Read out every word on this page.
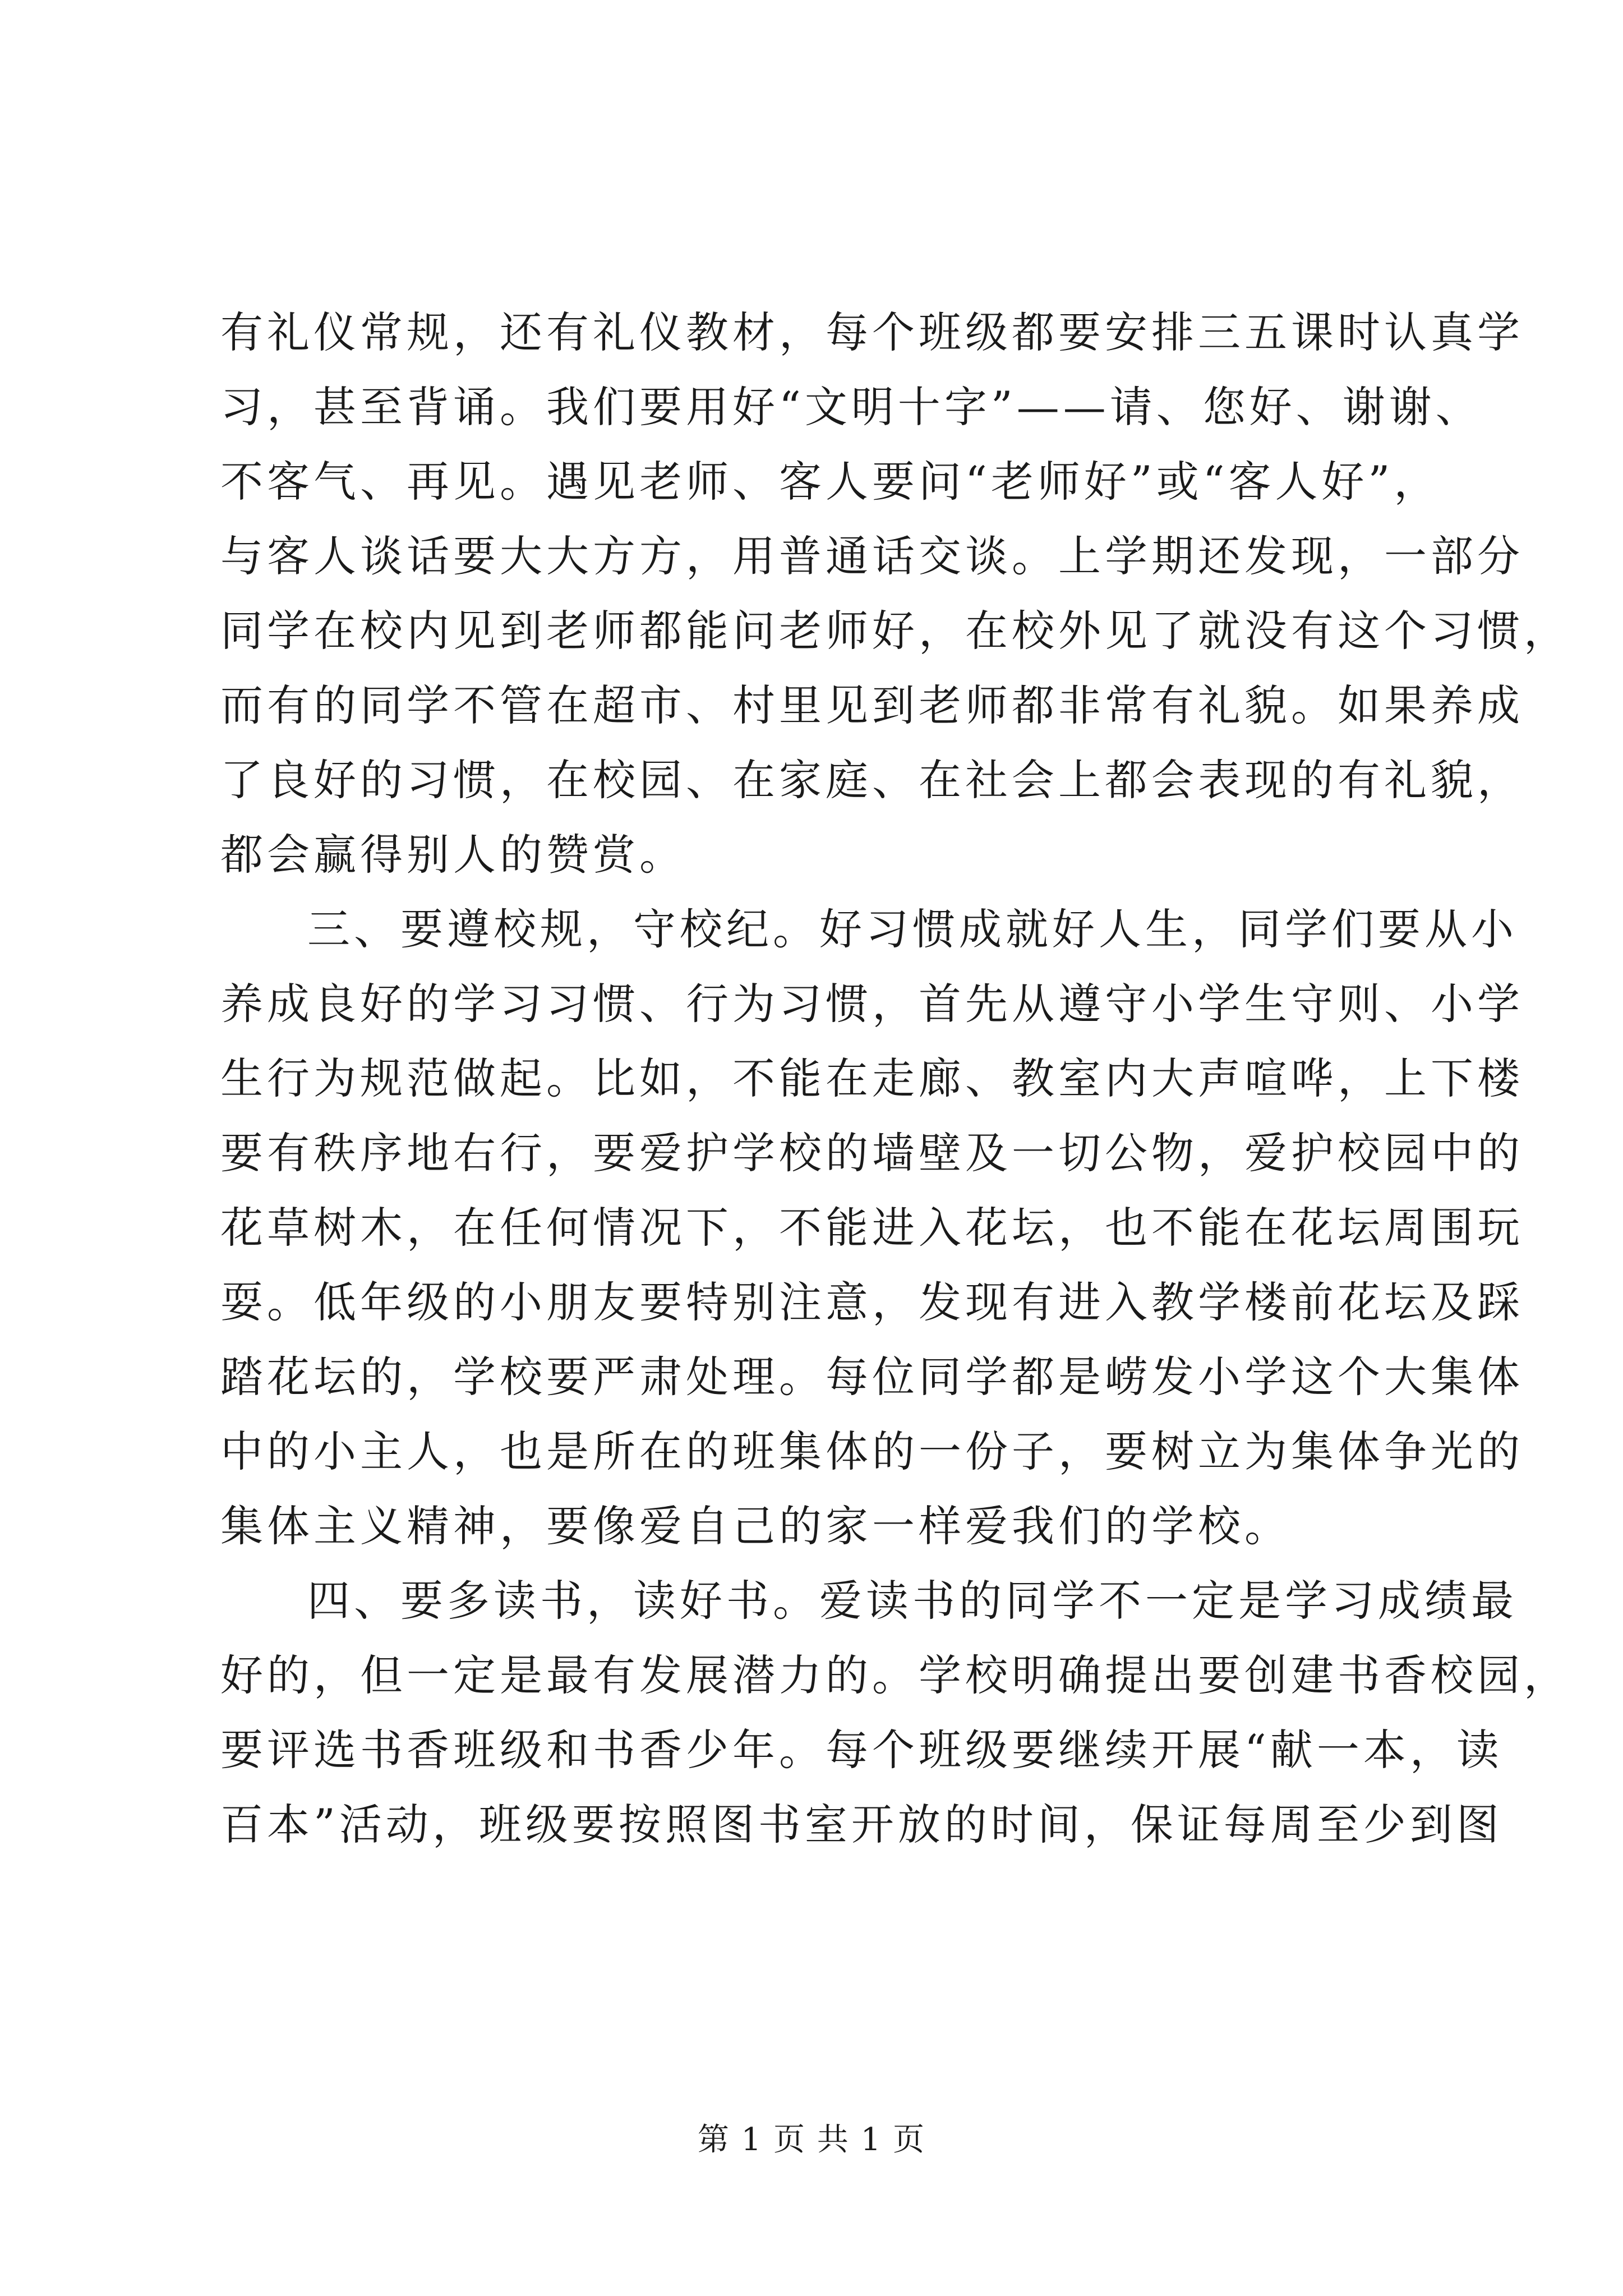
有礼仪常规，还有礼仪教材，每个班级都要安排三五课时认真学
习，甚至背诵。我们要用好“文明十字”——请、您好、谢谢、
不客气、再见。遇见老师、客人要问“老师好”或“客人好”，
与客人谈话要大大方方，用普通话交谈。上学期还发现，一部分
同学在校内见到老师都能问老师好，在校外见了就没有这个习惯，
而有的同学不管在超市、村里见到老师都非常有礼貌。如果养成
了良好的习惯，在校园、在家庭、在社会上都会表现的有礼貌，
都会赢得别人的赞赏。
三、要遵校规，守校纪。好习惯成就好人生，同学们要从小
养成良好的学习习惯、行为习惯，首先从遵守小学生守则、小学
生行为规范做起。比如，不能在走廊、教室内大声喧哗，上下楼
要有秩序地右行，要爱护学校的墙壁及一切公物，爱护校园中的
花草树木，在任何情况下，不能进入花坛，也不能在花坛周围玩
耍。低年级的小朋友要特别注意，发现有进入教学楼前花坛及踩
踏花坛的，学校要严肃处理。每位同学都是崂发小学这个大集体
中的小主人，也是所在的班集体的一份子，要树立为集体争光的
集体主义精神，要像爱自己的家一样爱我们的学校。
四、要多读书，读好书。爱读书的同学不一定是学习成绩最
好的，但一定是最有发展潜力的。学校明确提出要创建书香校园，
要评选书香班级和书香少年。每个班级要继续开展“献一本，读
百本”活动，班级要按照图书室开放的时间，保证每周至少到图
第 1 页 共 1 页
